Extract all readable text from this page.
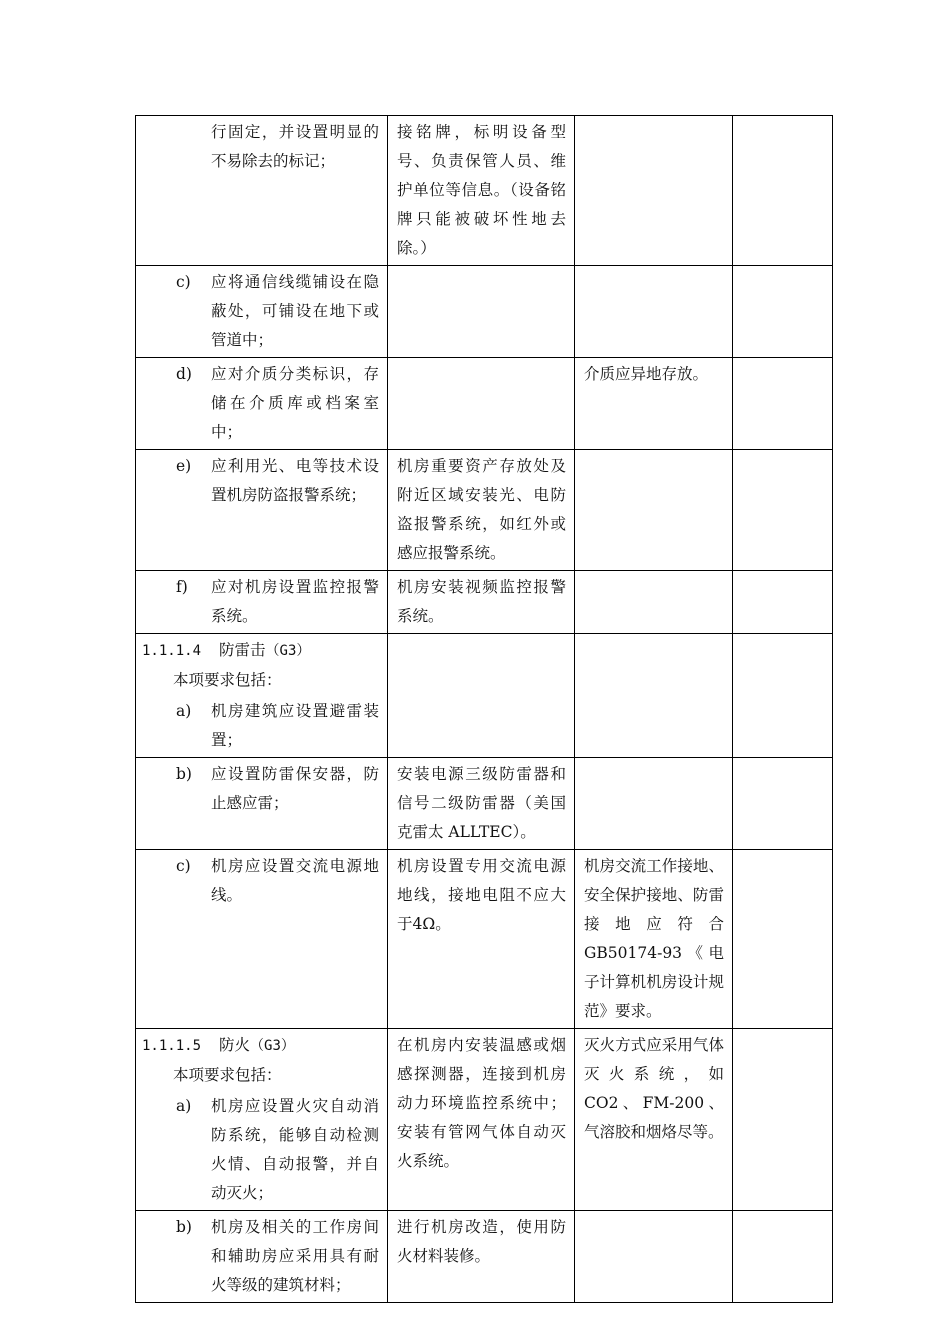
行固定，并设置明显的不易除去的标记；	接铭牌，标明设备型号、负责保管人员、维护单位等信息。（设备铭牌只能被破坏性地去除。）		

c) 应将通信线缆铺设在隐蔽处，可铺设在地下或管道中；			

d) 应对介质分类标识，存储在介质库或档案室中；		介质应异地存放。	

e) 应利用光、电等技术设置机房防盗报警系统；	机房重要资产存放处及附近区域安装光、电防盗报警系统，如红外或感应报警系统。		

f) 应对机房设置监控报警系统。	机房安装视频监控报警系统。		

1.1.1.4 防雷击（G3）
本项要求包括：
a) 机房建筑应设置避雷装置；			

b) 应设置防雷保安器，防止感应雷；	安装电源三级防雷器和信号二级防雷器（美国克雷太 ALLTEC）。		

c) 机房应设置交流电源地线。	机房设置专用交流电源地线，接地电阻不应大于4Ω。	机房交流工作接地、安全保护接地、防雷接地应符合GB50174-93《电子计算机机房设计规范》要求。	

1.1.1.5 防火（G3）
本项要求包括：
a) 机房应设置火灾自动消防系统，能够自动检测火情、自动报警，并自动灭火；	在机房内安装温感或烟感探测器，连接到机房动力环境监控系统中；安装有管网气体自动灭火系统。	灭火方式应采用气体灭火系统，如CO2、FM-200、气溶胶和烟烙尽等。	

b) 机房及相关的工作房间和辅助房应采用具有耐火等级的建筑材料；	进行机房改造，使用防火材料装修。		
